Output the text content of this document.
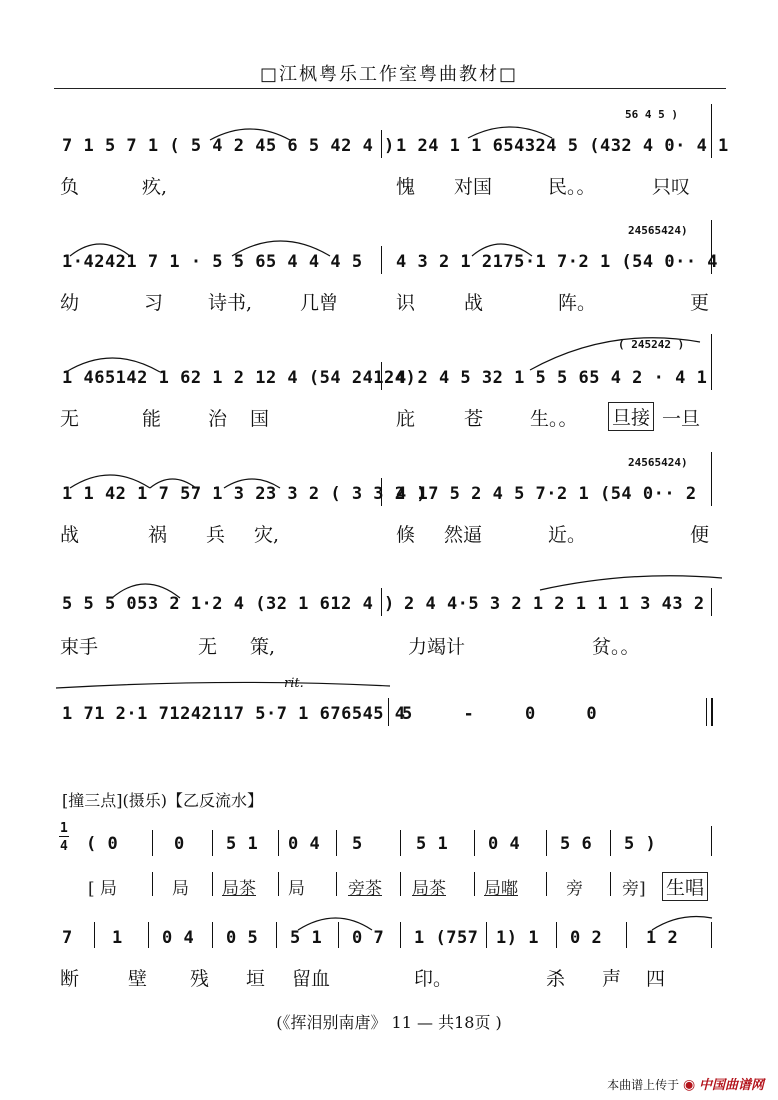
□江枫粤乐工作室粤曲教材□
56 4 5 )
7 1 5 7 1 ( 5 4 2 45 6 5 42 4 ) 1 24 1 1 654324 5 (432 4 0· 4 1
负	疚,	愧 对国	民。。	只叹
24565424)
1·42421 7 1 · 5 5 65 4 4 4 5 4 3 2 1 2175·1 7·2 1 (54 0·· 4
幼	习 诗书,	几曾	识	战	阵。	更
( 245242 )
1 465142 1 62 1 2 12 4 (54 24124)
4 2 4 5 32 1 5 5 65 4 2 · 4 1
无	能 治 国	庇	苍 生。。 旦接 一旦
24565424)
1 1 42 1 7 57 1 3 23 3 2 ( 3 3 2 )
4 17 5 2 4 5 7·2 1 (54 0·· 2
战	祸 兵 灾,	倏 然逼	近。	便
5 5 5 053 2 1·2 4 (32 1 612 4 ) 2 4 4·5 3 2 1 2 1 1 1 3 43 2
束手	无 策,	力竭计	贫。。
rit.
1 71 2·1 71242117 5·7 1 676545 4
5 - 0 0
[撞三点](摄乐)【乙反流水】
1
4 ( 0	0 5 1 0 4 5	5 1 0 4 5 6 5 )
[ 局	局 局茶 局	旁茶 局茶 局嘟	旁 旁] 生唱
7 1 0 4 0 5 5 1 0 7 1 (757 1) 1 0 2	1 2
断	壁 残 垣 留血	印。	杀 声 四
(《挥泪别南唐》 11 — 共18页 )
本曲谱上传于 ◉ 中国曲谱网
